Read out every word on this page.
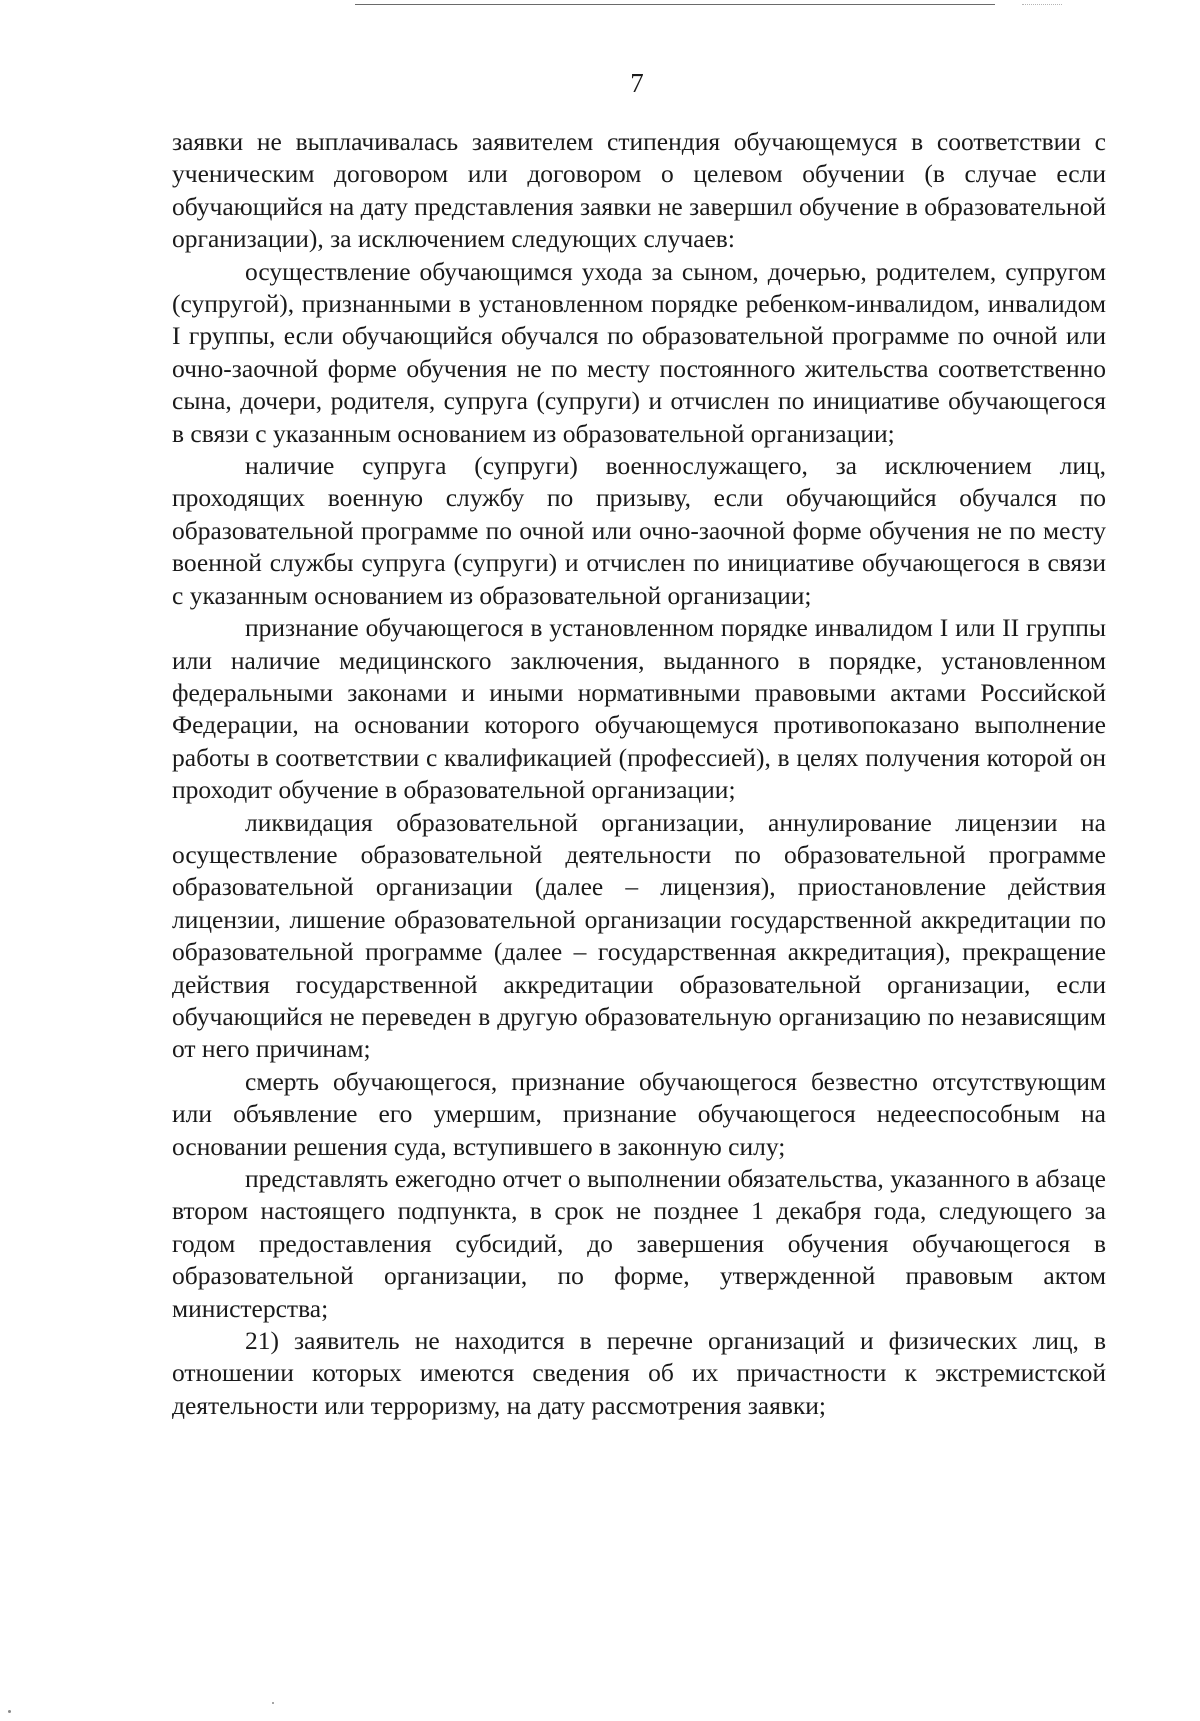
7

заявки не выплачивалась заявителем стипендия обучающемуся в соответствии с ученическим договором или договором о целевом обучении (в случае если обучающийся на дату представления заявки не завершил обучение в образовательной организации), за исключением следующих случаев:

осуществление обучающимся ухода за сыном, дочерью, родителем, супругом (супругой), признанными в установленном порядке ребенком-инвалидом, инвалидом I группы, если обучающийся обучался по образовательной программе по очной или очно-заочной форме обучения не по месту постоянного жительства соответственно сына, дочери, родителя, супруга (супруги) и отчислен по инициативе обучающегося в связи с указанным основанием из образовательной организации;

наличие супруга (супруги) военнослужащего, за исключением лиц, проходящих военную службу по призыву, если обучающийся обучался по образовательной программе по очной или очно-заочной форме обучения не по месту военной службы супруга (супруги) и отчислен по инициативе обучающегося в связи с указанным основанием из образовательной организации;

признание обучающегося в установленном порядке инвалидом I или II группы или наличие медицинского заключения, выданного в порядке, установленном федеральными законами и иными нормативными правовыми актами Российской Федерации, на основании которого обучающемуся противопоказано выполнение работы в соответствии с квалификацией (профессией), в целях получения которой он проходит обучение в образовательной организации;

ликвидация образовательной организации, аннулирование лицензии на осуществление образовательной деятельности по образовательной программе образовательной организации (далее – лицензия), приостановление действия лицензии, лишение образовательной организации государственной аккредитации по образовательной программе (далее – государственная аккредитация), прекращение действия государственной аккредитации образовательной организации, если обучающийся не переведен в другую образовательную организацию по независящим от него причинам;

смерть обучающегося, признание обучающегося безвестно отсутствующим или объявление его умершим, признание обучающегося недееспособным на основании решения суда, вступившего в законную силу;

представлять ежегодно отчет о выполнении обязательства, указанного в абзаце втором настоящего подпункта, в срок не позднее 1 декабря года, следующего за годом предоставления субсидий, до завершения обучения обучающегося в образовательной организации, по форме, утвержденной правовым актом министерства;

21) заявитель не находится в перечне организаций и физических лиц, в отношении которых имеются сведения об их причастности к экстремистской деятельности или терроризму, на дату рассмотрения заявки;
